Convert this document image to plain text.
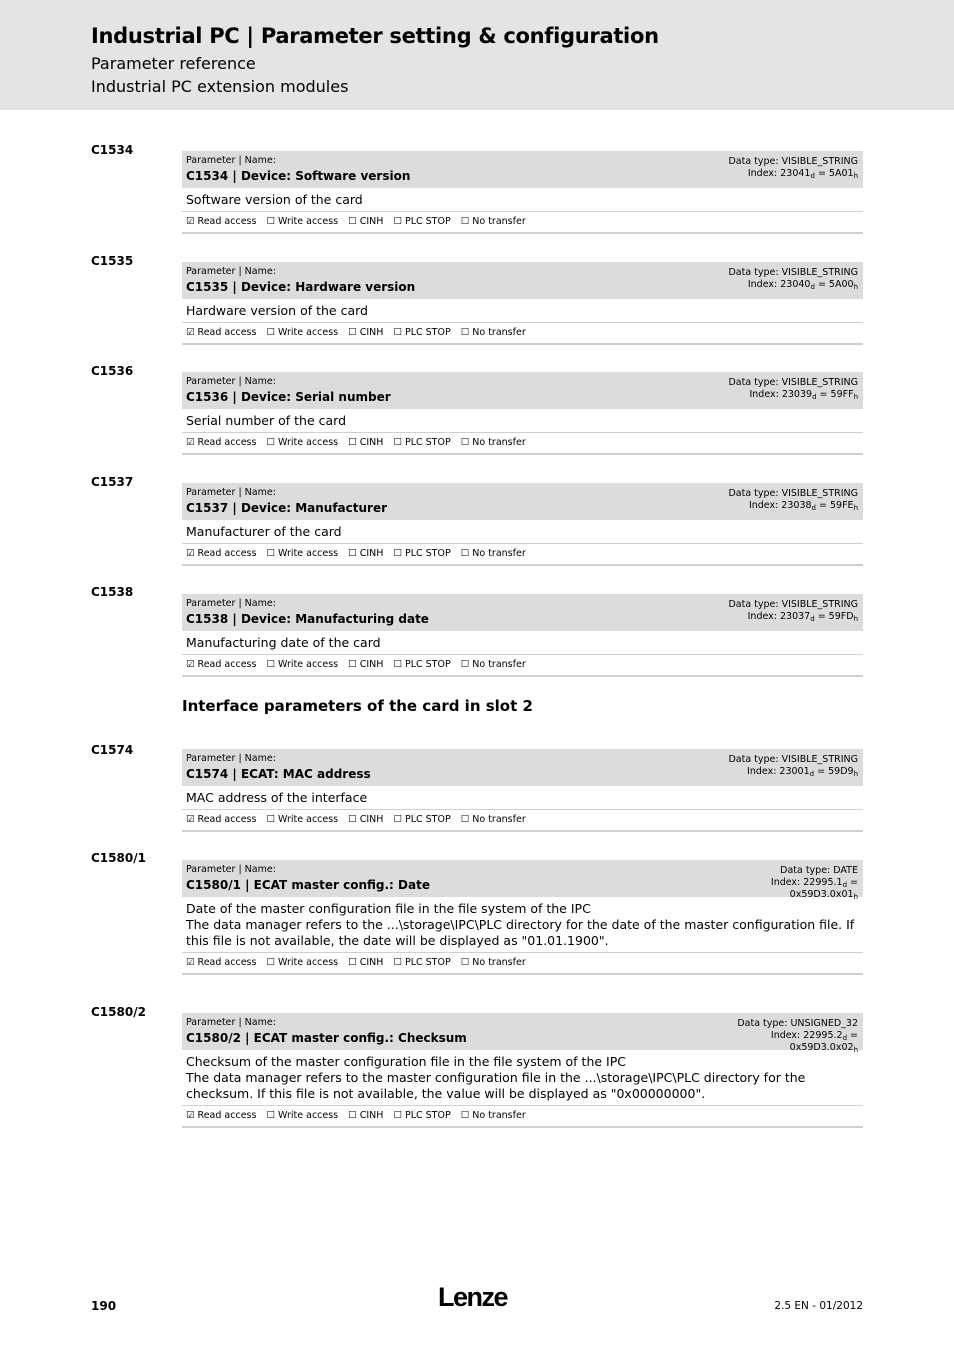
Industrial PC | Parameter setting & configuration
Parameter reference
Industrial PC extension modules
C1534
Parameter | Name:
C1534 | Device: Software version
Data type: VISIBLE_STRING
Index: $23041_d = 5A01_h$

Software version of the card

☑ Read access ☐ Write access ☐ CINH ☐ PLC STOP ☐ No transfer
C1535
Parameter | Name:
C1535 | Device: Hardware version
Data type: VISIBLE_STRING
Index: $23040_d = 5A00_h$

Hardware version of the card

☑ Read access ☐ Write access ☐ CINH ☐ PLC STOP ☐ No transfer
C1536
Parameter | Name:
C1536 | Device: Serial number
Data type: VISIBLE_STRING
Index: $23039_d = 59FF_h$

Serial number of the card

☑ Read access ☐ Write access ☐ CINH ☐ PLC STOP ☐ No transfer
C1537
Parameter | Name:
C1537 | Device: Manufacturer
Data type: VISIBLE_STRING
Index: $23038_d = 59FE_h$

Manufacturer of the card

☑ Read access ☐ Write access ☐ CINH ☐ PLC STOP ☐ No transfer
C1538
Parameter | Name:
C1538 | Device: Manufacturing date
Data type: VISIBLE_STRING
Index: $23037_d = 59FD_h$

Manufacturing date of the card

☑ Read access ☐ Write access ☐ CINH ☐ PLC STOP ☐ No transfer
C1574
Parameter | Name:
C1574 | ECAT: MAC address
Data type: VISIBLE_STRING
Index: $23001_d = 59D9_h$

MAC address of the interface

☑ Read access ☐ Write access ☐ CINH ☐ PLC STOP ☐ No transfer
C1580/1
Parameter | Name:
C1580/1 | ECAT master config.: Date
Data type: DATE
Index: $22995.1_d = 0x59D3.0x01_h$

Date of the master configuration file in the file system of the IPC

The data manager refers to the ...\storage\IPC\PLC directory for the date of the master configuration file. If this file is not available, the date will be displayed as "01.01.1900".

☑ Read access ☐ Write access ☐ CINH ☐ PLC STOP ☐ No transfer
C1580/2
Parameter | Name:
C1580/2 | ECAT master config.: Checksum
Data type: UNSIGNED_32
Index: $22995.2_d = 0x59D3.0x02_h$

Checksum of the master configuration file in the file system of the IPC

The data manager refers to the master configuration file in the ...\storage\IPC\PLC directory for the checksum. If this file is not available, the value will be displayed as "0x00000000".

☑ Read access ☐ Write access ☐ CINH ☐ PLC STOP ☐ No transfer
Interface parameters of the card in slot 2
190	Lenze	2.5 EN - 01/2012
